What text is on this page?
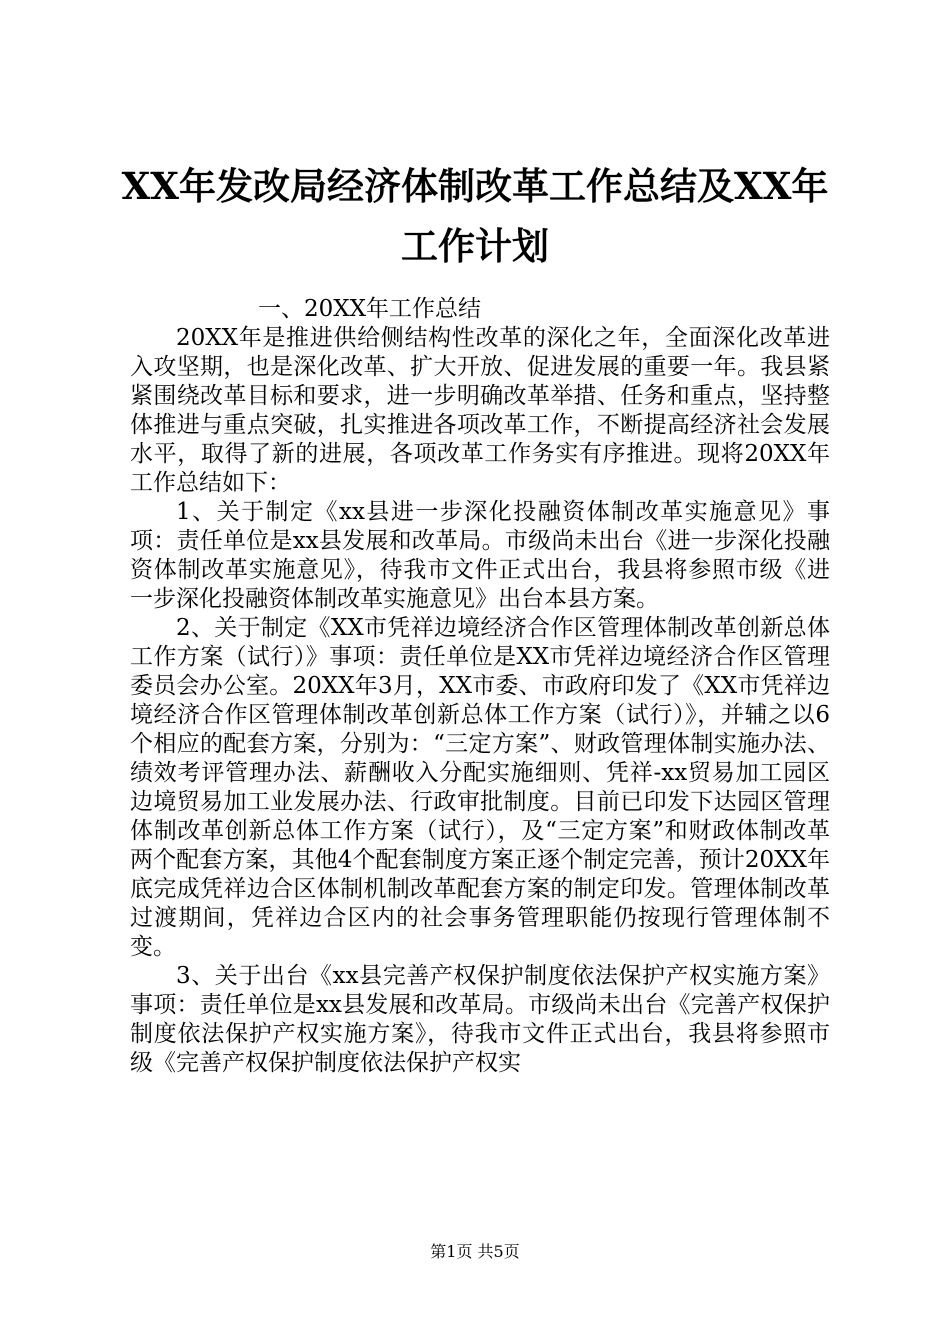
XX年发改局经济体制改革工作总结及XX年工作计划

一、20XX年工作总结

20XX年是推进供给侧结构性改革的深化之年，全面深化改革进入攻坚期，也是深化改革、扩大开放、促进发展的重要一年。我县紧紧围绕改革目标和要求，进一步明确改革举措、任务和重点，坚持整体推进与重点突破，扎实推进各项改革工作，不断提高经济社会发展水平，取得了新的进展，各项改革工作务实有序推进。现将20XX年工作总结如下：

1、关于制定《xx县进一步深化投融资体制改革实施意见》事项：责任单位是xx县发展和改革局。市级尚未出台《进一步深化投融资体制改革实施意见》，待我市文件正式出台，我县将参照市级《进一步深化投融资体制改革实施意见》出台本县方案。

2、关于制定《XX市凭祥边境经济合作区管理体制改革创新总体工作方案（试行）》事项：责任单位是XX市凭祥边境经济合作区管理委员会办公室。20XX年3月，XX市委、市政府印发了《XX市凭祥边境经济合作区管理体制改革创新总体工作方案（试行）》，并辅之以6个相应的配套方案，分别为：“三定方案”、财政管理体制实施办法、绩效考评管理办法、薪酬收入分配实施细则、凭祥-xx贸易加工园区边境贸易加工业发展办法、行政审批制度。目前已印发下达园区管理体制改革创新总体工作方案（试行），及“三定方案”和财政体制改革两个配套方案，其他4个配套制度方案正逐个制定完善，预计20XX年底完成凭祥边合区体制机制改革配套方案的制定印发。管理体制改革过渡期间，凭祥边合区内的社会事务管理职能仍按现行管理体制不变。

3、关于出台《xx县完善产权保护制度依法保护产权实施方案》事项：责任单位是xx县发展和改革局。市级尚未出台《完善产权保护制度依法保护产权实施方案》，待我市文件正式出台，我县将参照市级《完善产权保护制度依法保护产权实

第1页 共5页
